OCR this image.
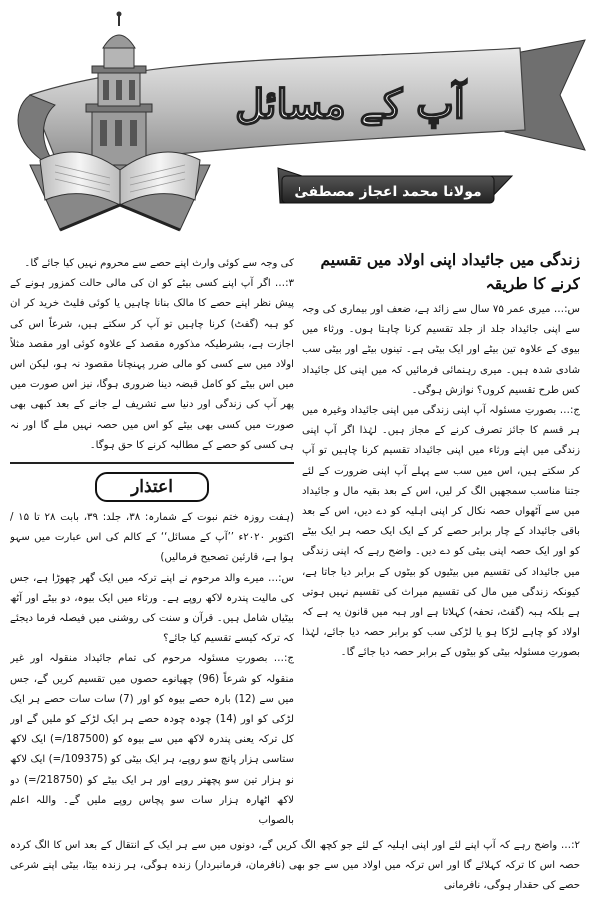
آپ کے مسائل
مولانا محمد اعجاز مصطفیٰ
زندگی میں جائیداد اپنی اولاد میں تقسیم کرنے کا طریقہ

س:… میری عمر ۷۵ سال سے زائد ہے، ضعف اور بیماری کی وجہ سے اپنی جائیداد جلد از جلد تقسیم کرنا چاہتا ہوں۔ ورثاء میں بیوی کے علاوہ تین بیٹے اور ایک بیٹی ہے۔ تینوں بیٹے اور بیٹی سب شادی شدہ ہیں۔ میری رہنمائی فرمائیں کہ میں اپنی کل جائیداد کس طرح تقسیم کروں؟ نوازش ہوگی۔

ج:… بصورتِ مسئولہ آپ اپنی زندگی میں اپنی جائیداد وغیرہ میں ہر قسم کا جائز تصرف کرنے کے مجاز ہیں۔ لہٰذا اگر آپ اپنی زندگی میں اپنے ورثاء میں اپنی جائیداد تقسیم کرنا چاہیں تو آپ کر سکتے ہیں، اس میں سب سے پہلے آپ اپنی ضرورت کے لئے جتنا مناسب سمجھیں الگ کر لیں، اس کے بعد بقیہ مال و جائیداد میں سے آٹھواں حصہ نکال کر اپنی اہلیہ کو دے دیں، اس کے بعد باقی جائیداد کے چار برابر حصے کر کے ایک ایک حصہ ہر ایک بیٹے کو اور ایک حصہ اپنی بیٹی کو دے دیں۔ واضح رہے کہ اپنی زندگی میں جائیداد کی تقسیم میں بیٹیوں کو بیٹوں کے برابر دیا جاتا ہے، کیونکہ زندگی میں مال کی تقسیم میراث کی تقسیم نہیں ہوتی ہے بلکہ ہبہ (گفٹ، تحفہ) کہلاتا ہے اور ہبہ میں قانون یہ ہے کہ اولاد کو چاہے لڑکا ہو یا لڑکی سب کو برابر حصہ دیا جائے، لہٰذا بصورتِ مسئولہ بیٹی کو بیٹوں کے برابر حصہ دیا جائے گا۔

کی وجہ سے کوئی وارث اپنے حصے سے محروم نہیں کیا جائے گا۔

۳:… اگر آپ اپنے کسی بیٹے کو ان کی مالی حالت کمزور ہونے کے پیش نظر اپنے حصے کا مالک بنانا چاہیں یا کوئی فلیٹ خرید کر ان کو ہبہ (گفٹ) کرنا چاہیں تو آپ کر سکتے ہیں، شرعاً اس کی اجازت ہے، بشرطیکہ مذکورہ مقصد کے علاوہ کوئی اور مقصد مثلاً اولاد میں سے کسی کو مالی ضرر پہنچانا مقصود نہ ہو، لیکن اس میں اس بیٹے کو کامل قبضہ دینا ضروری ہوگا، نیز اس صورت میں پھر آپ کی زندگی اور دنیا سے تشریف لے جانے کے بعد کبھی بھی صورت میں کسی بھی بیٹے کو اس میں حصہ نہیں ملے گا اور نہ ہی کسی کو حصے کے مطالبہ کرنے کا حق ہوگا۔

اعتذار

(ہفت روزہ ختم نبوت کے شمارہ: ۳۸، جلد: ۳۹، بابت ۲۸ تا ۱۵ / اکتوبر ۲۰۲۰ء ’’آپ کے مسائل‘‘ کے کالم کی اس عبارت میں سہو ہوا ہے، قارئین تصحیح فرمالیں)

س:… میرے والد مرحوم نے اپنے ترکہ میں ایک گھر چھوڑا ہے، جس کی مالیت پندرہ لاکھ روپے ہے۔ ورثاء میں ایک بیوہ، دو بیٹے اور آٹھ بیٹیاں شامل ہیں۔ قرآن و سنت کی روشنی میں فیصلہ فرما دیجئے کہ ترکہ کیسے تقسیم کیا جائے؟

ج:… بصورتِ مسئولہ مرحوم کی تمام جائیداد منقولہ اور غیر منقولہ کو شرعاً (96) چھیانوے حصوں میں تقسیم کریں گے، جس میں سے (12) بارہ حصے بیوہ کو اور (7) سات سات حصے ہر ایک لڑکی کو اور (14) چودہ چودہ حصے ہر ایک لڑکے کو ملیں گے اور کل ترکہ یعنی پندرہ لاکھ میں سے بیوہ کو (187500/=) ایک لاکھ ستاسی ہزار پانچ سو روپے، ہر ایک بیٹی کو (109375/=) ایک لاکھ نو ہزار تین سو پچھتر روپے اور ہر ایک بیٹے کو (218750/=) دو لاکھ اٹھارہ ہزار سات سو پچاس روپے ملیں گے۔ واللہ اعلم بالصواب

۲:… واضح رہے کہ آپ اپنے لئے اور اپنی اہلیہ کے لئے جو کچھ الگ کریں گے، دونوں میں سے ہر ایک کے انتقال کے بعد اس کا الگ کردہ حصہ اس کا ترکہ کہلائے گا اور اس ترکہ میں اولاد میں سے جو بھی (نافرمان، فرمانبردار) زندہ ہوگی، ہر زندہ بیٹا، بیٹی اپنے شرعی حصے کی حقدار ہوگی، نافرمانی
